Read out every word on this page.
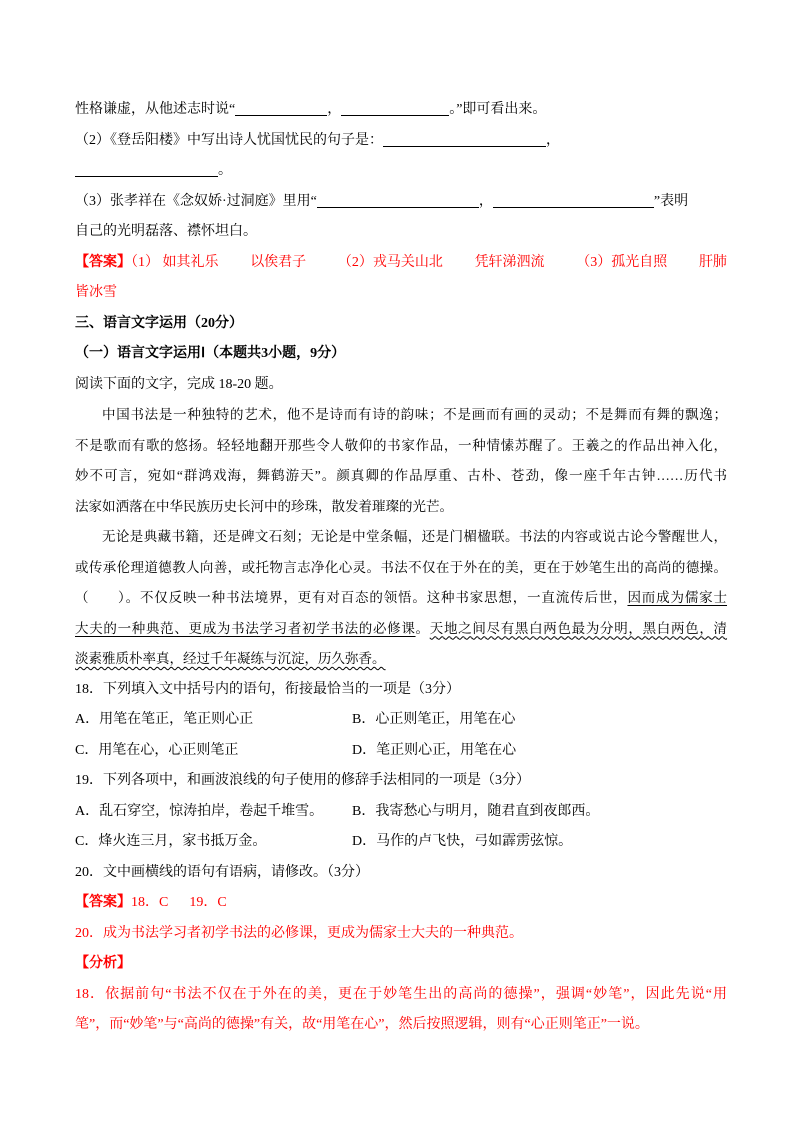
性格谦虚，从他述志时说“	，	。”即可看出来。
（2）《登岳阳楼》中写出诗人忧国忧民的句子是：	，
。
（3）张孝祥在《念奴娇·过洞庭》里用“	，	”表明
自己的光明磊落、襟怀坦白。
【答案】（1） 如其礼乐 以俟君子 （2）戎马关山北 凭轩涕泗流 （3）孤光自照 肝肺
皆冰雪
三、语言文字运用（20分）
（一）语言文字运用Ⅰ（本题共3小题，9分）
阅读下面的文字，完成 18-20 题。
中国书法是一种独特的艺术，他不是诗而有诗的韵味；不是画而有画的灵动；不是舞而有舞的飘逸；
不是歌而有歌的悠扬。轻轻地翻开那些令人敬仰的书家作品，一种情愫苏醒了。王羲之的作品出神入化，
妙不可言，宛如“群鸿戏海，舞鹤游天”。颜真卿的作品厚重、古朴、苍劲，像一座千年古钟……历代书
法家如洒落在中华民族历史长河中的珍珠，散发着璀璨的光芒。
无论是典藏书籍，还是碑文石刻；无论是中堂条幅，还是门楣楹联。书法的内容或说古论今警醒世人，
或传承伦理道德教人向善，或托物言志净化心灵。书法不仅在于外在的美，更在于妙笔生出的高尚的德操。
（　　）。不仅反映一种书法境界，更有对百态的领悟。这种书家思想，一直流传后世，因而成为儒家士
大夫的一种典范、更成为书法学习者初学书法的必修课。天地之间尽有黑白两色最为分明，黑白两色，清
淡素雅质朴率真，经过千年凝练与沉淀，历久弥香。
18．下列填入文中括号内的语句，衔接最恰当的一项是（3分）
A．用笔在笔正，笔正则心正	B．心正则笔正，用笔在心
C．用笔在心，心正则笔正	D．笔正则心正，用笔在心
19．下列各项中，和画波浪线的句子使用的修辞手法相同的一项是（3分）
A．乱石穿空，惊涛拍岸，卷起千堆雪。 B．我寄愁心与明月，随君直到夜郎西。
C．烽火连三月，家书抵万金。	D．马作的卢飞快，弓如霹雳弦惊。
20．文中画横线的语句有语病，请修改。（3分）
【答案】18．C 19．C
20．成为书法学习者初学书法的必修课，更成为儒家士大夫的一种典范。
【分析】
18．依据前句“书法不仅在于外在的美，更在于妙笔生出的高尚的德操”，强调“妙笔”，因此先说“用
笔”，而“妙笔”与“高尚的德操”有关，故“用笔在心”，然后按照逻辑，则有“心正则笔正”一说。
